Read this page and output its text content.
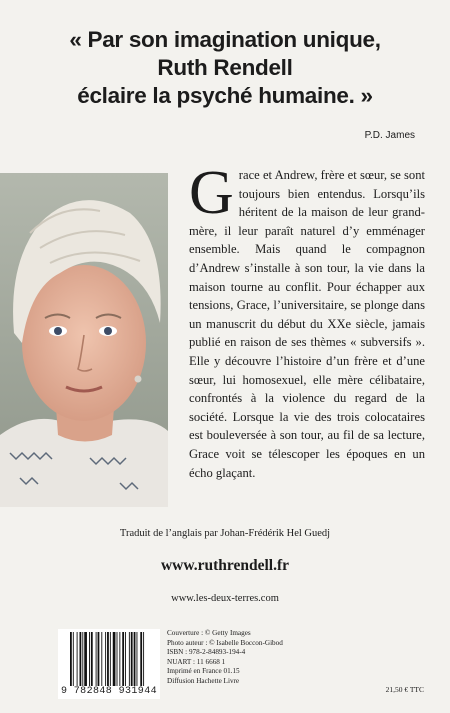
« Par son imagination unique,
Ruth Rendell
éclaire la psyché humaine. »
P.D. James
G race et Andrew, frère et sœur, se sont toujours bien entendus. Lorsqu’ils héritent de la maison de leur grand-mère, il leur paraît naturel d’y emménager ensemble. Mais quand le compagnon d’Andrew s’installe à son tour, la vie dans la maison tourne au conflit. Pour échapper aux tensions, Grace, l’universitaire, se plonge dans un manuscrit du début du XXe siècle, jamais publié en raison de ses thèmes « subversifs ». Elle y découvre l’histoire d’un frère et d’une sœur, lui homosexuel, elle mère célibataire, confrontés à la violence du regard de la société. Lorsque la vie des trois colocataires est bouleversée à son tour, au fil de sa lecture, Grace voit se télescoper les époques en un écho glaçant.
Traduit de l’anglais par Johan-Frédérik Hel Guedj
www.ruthrendell.fr
www.les-deux-terres.com
9 782848 931944
Couverture : © Getty Images
Photo auteur : © Isabelle Boccon-Gibod
ISBN : 978-2-84893-194-4
NUART : 11 6668 1
Imprimé en France 01.15
Diffusion Hachette Livre
21,50 € TTC
